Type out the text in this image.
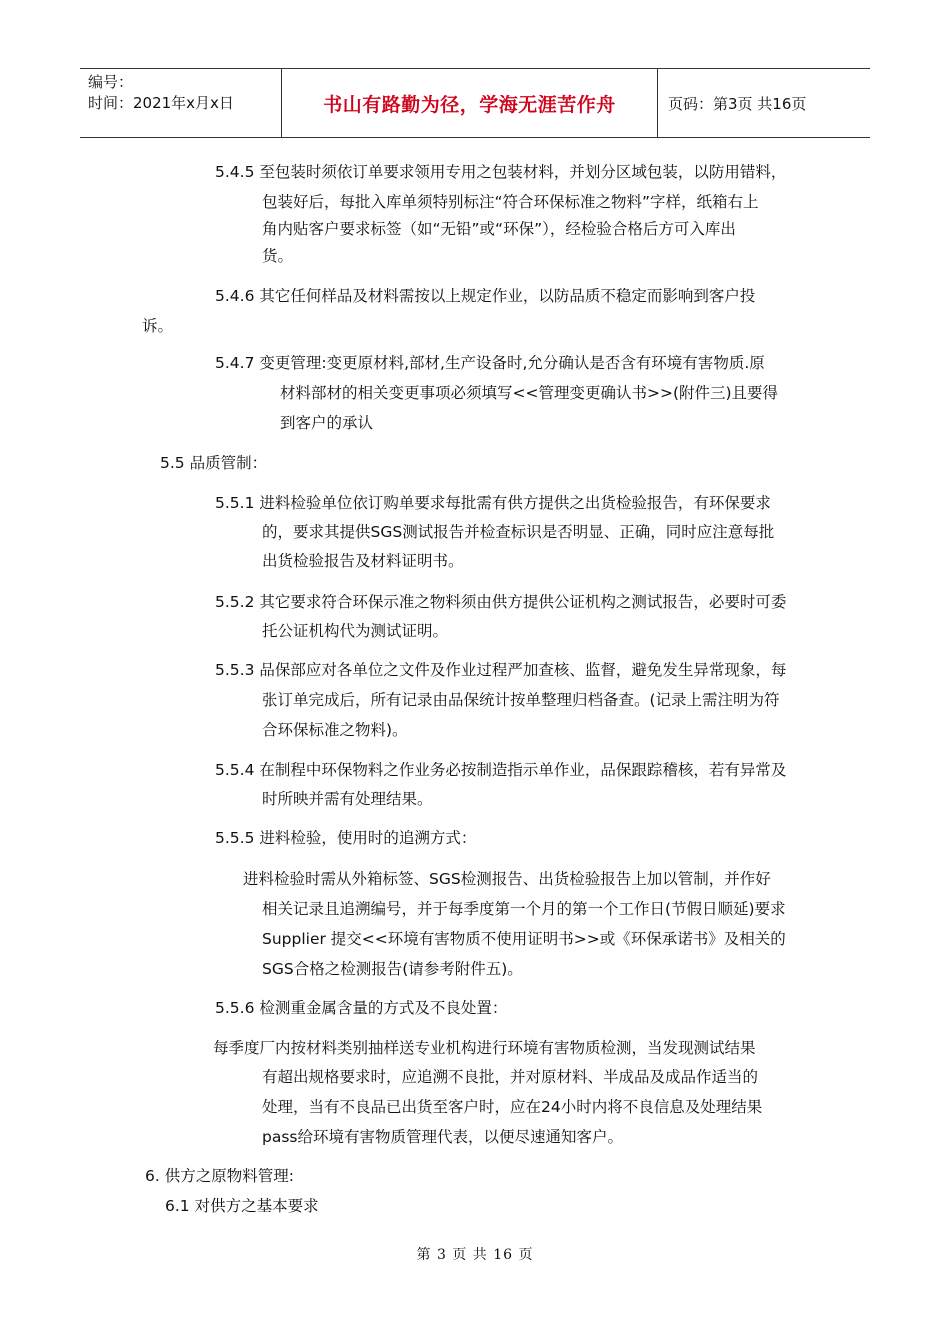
编号：
时间：2021年x月x日	书山有路勤为径，学海无涯苦作舟	页码：第3页 共16页
5.4.5 至包装时须依订单要求领用专用之包装材料，并划分区域包装，以防用错料，
包装好后，每批入库单须特别标注“符合环保标准之物料”字样，纸箱右上
角内贴客户要求标签（如“无铅”或“环保”），经检验合格后方可入库出
货。
5.4.6 其它任何样品及材料需按以上规定作业，以防品质不稳定而影响到客户投
诉。
5.4.7 变更管理:变更原材料,部材,生产设备时,允分确认是否含有环境有害物质.原
材料部材的相关变更事项必须填写<<管理变更确认书>>(附件三)且要得
到客户的承认
5.5 品质管制：
5.5.1 进料检验单位依订购单要求每批需有供方提供之出货检验报告，有环保要求
的，要求其提供SGS测试报告并检查标识是否明显、正确，同时应注意每批
出货检验报告及材料证明书。
5.5.2 其它要求符合环保示准之物料须由供方提供公证机构之测试报告，必要时可委
托公证机构代为测试证明。
5.5.3 品保部应对各单位之文件及作业过程严加查核、监督，避免发生异常现象，每
张订单完成后，所有记录由品保统计按单整理归档备查。(记录上需注明为符
合环保标准之物料)。
5.5.4 在制程中环保物料之作业务必按制造指示单作业，品保跟踪稽核，若有异常及
时所映并需有处理结果。
5.5.5 进料检验，使用时的追溯方式：
进料检验时需从外箱标签、SGS检测报告、出货检验报告上加以管制，并作好
相关记录且追溯编号，并于每季度第一个月的第一个工作日(节假日顺延)要求
Supplier 提交<<环境有害物质不使用证明书>>或《环保承诺书》及相关的
SGS合格之检测报告(请参考附件五)。
5.5.6 检测重金属含量的方式及不良处置：
每季度厂内按材料类别抽样送专业机构进行环境有害物质检测，当发现测试结果
有超出规格要求时，应追溯不良批，并对原材料、半成品及成品作适当的
处理，当有不良品已出货至客户时，应在24小时内将不良信息及处理结果
pass给环境有害物质管理代表，以便尽速通知客户。
6. 供方之原物料管理:
6.1 对供方之基本要求
第 3 页 共 16 页
